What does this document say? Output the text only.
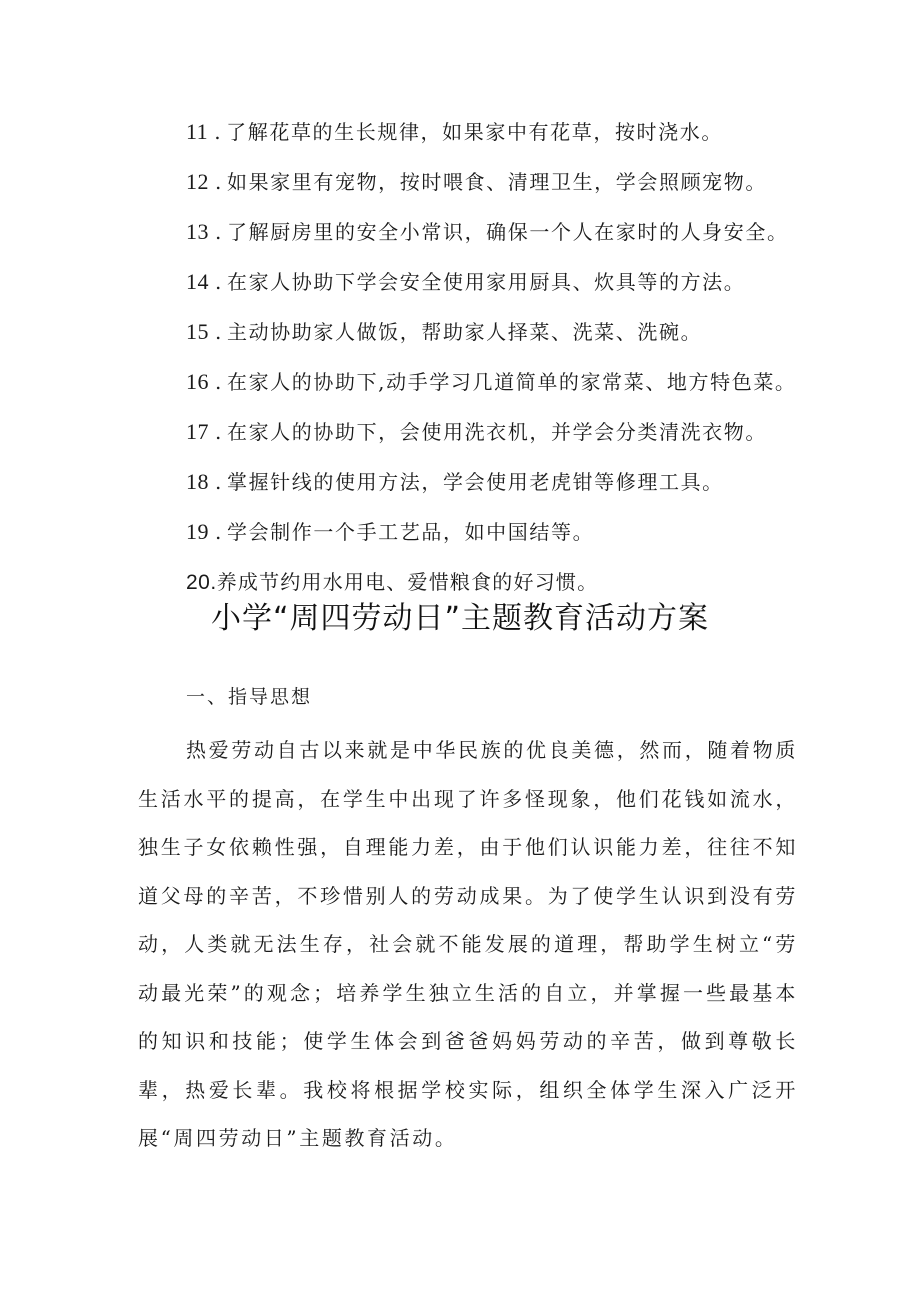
11 . 了解花草的生长规律，如果家中有花草，按时浇水。
12 . 如果家里有宠物，按时喂食、清理卫生，学会照顾宠物。
13 . 了解厨房里的安全小常识，确保一个人在家时的人身安全。
14 . 在家人协助下学会安全使用家用厨具、炊具等的方法。
15 . 主动协助家人做饭，帮助家人择菜、洗菜、洗碗。
16 . 在家人的协助下,动手学习几道简单的家常菜、地方特色菜。
17 . 在家人的协助下，会使用洗衣机，并学会分类清洗衣物。
18 . 掌握针线的使用方法，学会使用老虎钳等修理工具。
19 . 学会制作一个手工艺品，如中国结等。
20.养成节约用水用电、爱惜粮食的好习惯。
小学“周四劳动日”主题教育活动方案
一、指导思想

热爱劳动自古以来就是中华民族的优良美德，然而，随着物质生活水平的提高，在学生中出现了许多怪现象，他们花钱如流水，独生子女依赖性强，自理能力差，由于他们认识能力差，往往不知道父母的辛苦，不珍惜别人的劳动成果。为了使学生认识到没有劳动，人类就无法生存，社会就不能发展的道理，帮助学生树立“劳动最光荣”的观念；培养学生独立生活的自立，并掌握一些最基本的知识和技能；使学生体会到爸爸妈妈劳动的辛苦，做到尊敬长辈，热爱长辈。我校将根据学校实际，组织全体学生深入广泛开展“周四劳动日”主题教育活动。
